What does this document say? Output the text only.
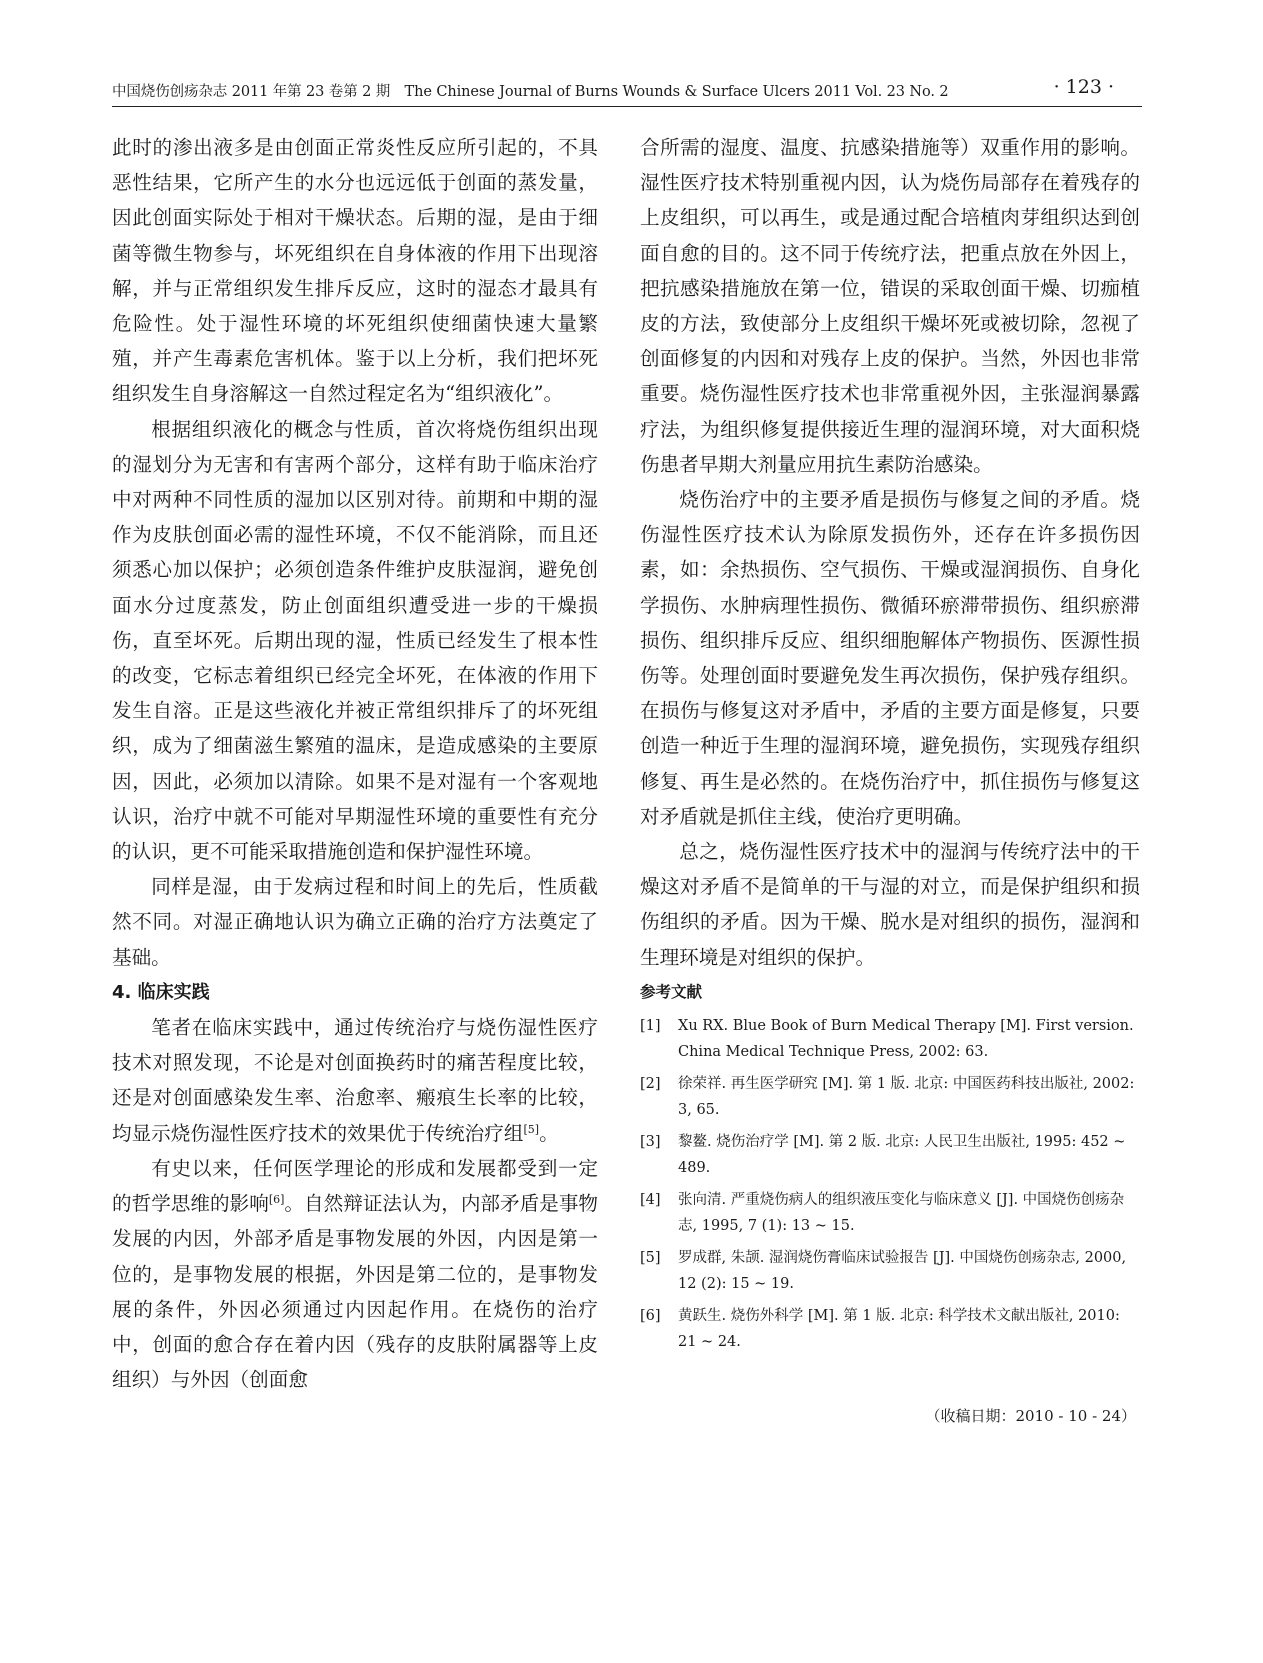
中国烧伤创疡杂志 2011 年第 23 卷第 2 期　The Chinese Journal of Burns Wounds & Surface Ulcers 2011 Vol. 23 No. 2	· 123 ·

此时的渗出液多是由创面正常炎性反应所引起的，不具恶性结果，它所产生的水分也远远低于创面的蒸发量，因此创面实际处于相对干燥状态。后期的湿，是由于细菌等微生物参与，坏死组织在自身体液的作用下出现溶解，并与正常组织发生排斥反应，这时的湿态才最具有危险性。处于湿性环境的坏死组织使细菌快速大量繁殖，并产生毒素危害机体。鉴于以上分析，我们把坏死组织发生自身溶解这一自然过程定名为“组织液化”。

根据组织液化的概念与性质，首次将烧伤组织出现的湿划分为无害和有害两个部分，这样有助于临床治疗中对两种不同性质的湿加以区别对待。前期和中期的湿作为皮肤创面必需的湿性环境，不仅不能消除，而且还须悉心加以保护；必须创造条件维护皮肤湿润，避免创面水分过度蒸发，防止创面组织遭受进一步的干燥损伤，直至坏死。后期出现的湿，性质已经发生了根本性的改变，它标志着组织已经完全坏死，在体液的作用下发生自溶。正是这些液化并被正常组织排斥了的坏死组织，成为了细菌滋生繁殖的温床，是造成感染的主要原因，因此，必须加以清除。如果不是对湿有一个客观地认识，治疗中就不可能对早期湿性环境的重要性有充分的认识，更不可能采取措施创造和保护湿性环境。

同样是湿，由于发病过程和时间上的先后，性质截然不同。对湿正确地认识为确立正确的治疗方法奠定了基础。

4. 临床实践

笔者在临床实践中，通过传统治疗与烧伤湿性医疗技术对照发现，不论是对创面换药时的痛苦程度比较，还是对创面感染发生率、治愈率、瘢痕生长率的比较，均显示烧伤湿性医疗技术的效果优于传统治疗组[5]。

有史以来，任何医学理论的形成和发展都受到一定的哲学思维的影响[6]。自然辩证法认为，内部矛盾是事物发展的内因，外部矛盾是事物发展的外因，内因是第一位的，是事物发展的根据，外因是第二位的，是事物发展的条件，外因必须通过内因起作用。在烧伤的治疗中，创面的愈合存在着内因（残存的皮肤附属器等上皮组织）与外因（创面愈

合所需的湿度、温度、抗感染措施等）双重作用的影响。湿性医疗技术特别重视内因，认为烧伤局部存在着残存的上皮组织，可以再生，或是通过配合培植肉芽组织达到创面自愈的目的。这不同于传统疗法，把重点放在外因上，把抗感染措施放在第一位，错误的采取创面干燥、切痂植皮的方法，致使部分上皮组织干燥坏死或被切除，忽视了创面修复的内因和对残存上皮的保护。当然，外因也非常重要。烧伤湿性医疗技术也非常重视外因，主张湿润暴露疗法，为组织修复提供接近生理的湿润环境，对大面积烧伤患者早期大剂量应用抗生素防治感染。

烧伤治疗中的主要矛盾是损伤与修复之间的矛盾。烧伤湿性医疗技术认为除原发损伤外，还存在许多损伤因素，如：余热损伤、空气损伤、干燥或湿润损伤、自身化学损伤、水肿病理性损伤、微循环瘀滞带损伤、组织瘀滞损伤、组织排斥反应、组织细胞解体产物损伤、医源性损伤等。处理创面时要避免发生再次损伤，保护残存组织。在损伤与修复这对矛盾中，矛盾的主要方面是修复，只要创造一种近于生理的湿润环境，避免损伤，实现残存组织修复、再生是必然的。在烧伤治疗中，抓住损伤与修复这对矛盾就是抓住主线，使治疗更明确。

总之，烧伤湿性医疗技术中的湿润与传统疗法中的干燥这对矛盾不是简单的干与湿的对立，而是保护组织和损伤组织的矛盾。因为干燥、脱水是对组织的损伤，湿润和生理环境是对组织的保护。

参考文献
[1]	Xu RX. Blue Book of Burn Medical Therapy [M]. First version. China Medical Technique Press, 2002: 63.
[2]	徐荣祥. 再生医学研究 [M]. 第 1 版. 北京: 中国医药科技出版社, 2002: 3, 65.
[3]	黎鳌. 烧伤治疗学 [M]. 第 2 版. 北京: 人民卫生出版社, 1995: 452 ~ 489.
[4]	张向清. 严重烧伤病人的组织液压变化与临床意义 [J]. 中国烧伤创疡杂志, 1995, 7 (1): 13 ~ 15.
[5]	罗成群, 朱颉. 湿润烧伤膏临床试验报告 [J]. 中国烧伤创疡杂志, 2000, 12 (2): 15 ~ 19.
[6]	黄跃生. 烧伤外科学 [M]. 第 1 版. 北京: 科学技术文献出版社, 2010: 21 ~ 24.
（收稿日期：2010 - 10 - 24）
